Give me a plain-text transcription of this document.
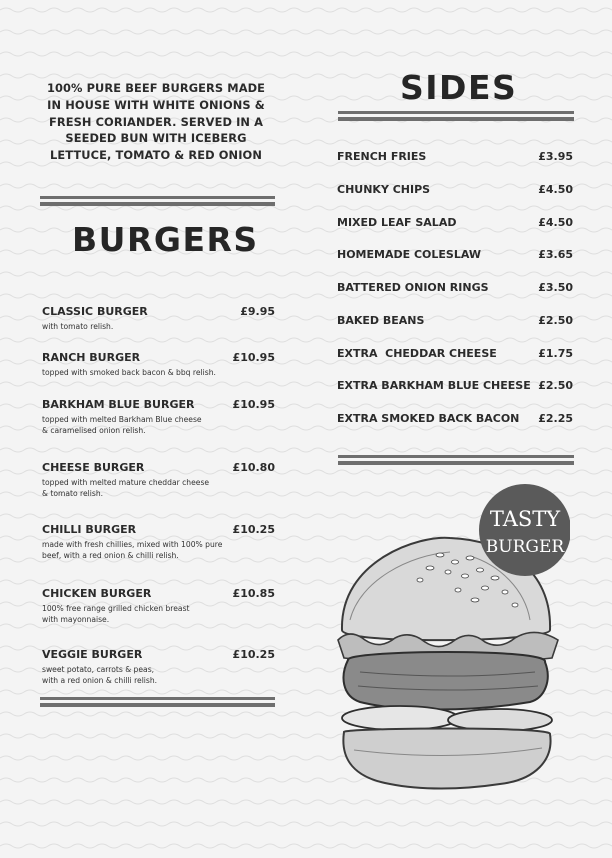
100% PURE BEEF BURGERS MADE
IN HOUSE WITH WHITE ONIONS &
FRESH CORIANDER. SERVED IN A
SEEDED BUN WITH ICEBERG
LETTUCE, TOMATO & RED ONION
BURGERS
CLASSIC BURGER	£9.95
with tomato relish.
RANCH BURGER	£10.95
topped with smoked back bacon & bbq relish.
BARKHAM BLUE BURGER	£10.95
topped with melted Barkham Blue cheese
& caramelised onion relish.
CHEESE BURGER	£10.80
topped with melted mature cheddar cheese
& tomato relish.
CHILLI BURGER	£10.25
made with fresh chillies, mixed with 100% pure
beef, with a red onion & chilli relish.
CHICKEN BURGER	£10.85
100% free range grilled chicken breast
with mayonnaise.
VEGGIE BURGER	£10.25
sweet potato, carrots & peas,
with a red onion & chilli relish.
SIDES
FRENCH FRIES	£3.95
CHUNKY CHIPS	£4.50
MIXED LEAF SALAD	£4.50
HOMEMADE COLESLAW	£3.65
BATTERED ONION RINGS	£3.50
BAKED BEANS	£2.50
EXTRA  CHEDDAR CHEESE	£1.75
EXTRA BARKHAM BLUE CHEESE £2.50
EXTRA SMOKED BACK BACON £2.25
TASTY
BURGER
